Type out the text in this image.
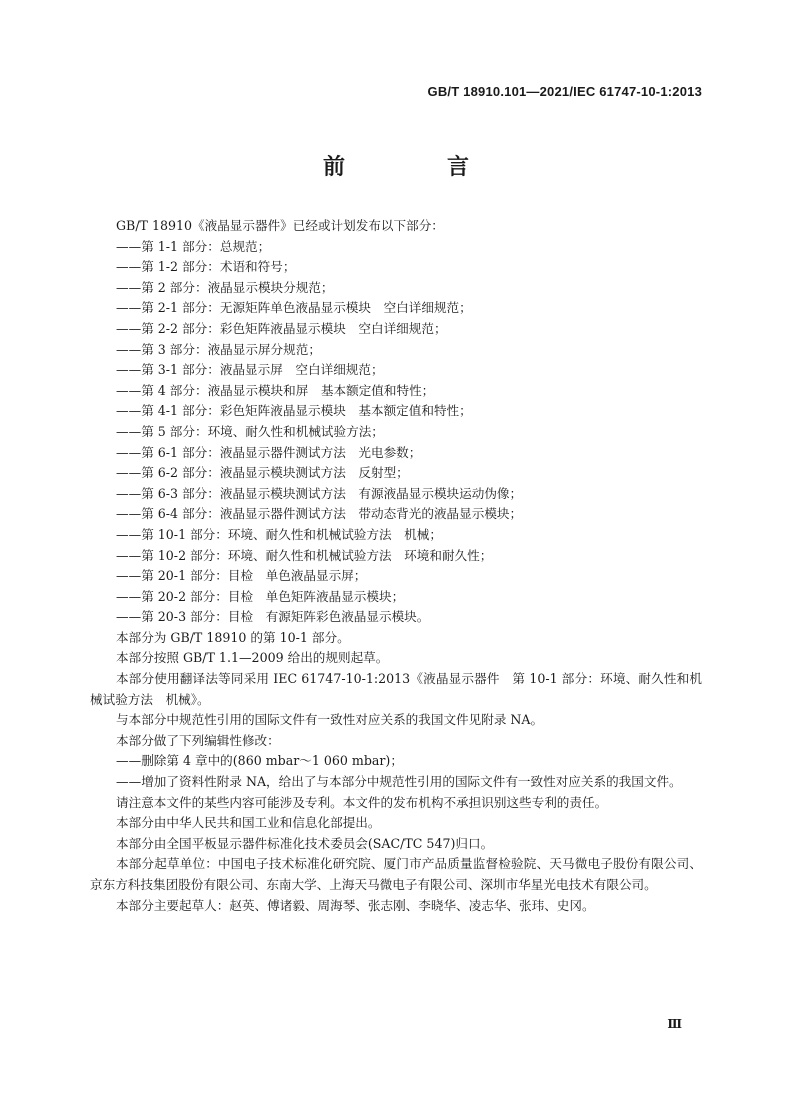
GB/T 18910.101—2021/IEC 61747-10-1:2013
前　言

GB/T 18910《液晶显示器件》已经或计划发布以下部分：

——第 1-1 部分：总规范；

——第 1-2 部分：术语和符号；

——第 2 部分：液晶显示模块分规范；

——第 2-1 部分：无源矩阵单色液晶显示模块　空白详细规范；

——第 2-2 部分：彩色矩阵液晶显示模块　空白详细规范；

——第 3 部分：液晶显示屏分规范；

——第 3-1 部分：液晶显示屏　空白详细规范；

——第 4 部分：液晶显示模块和屏　基本额定值和特性；

——第 4-1 部分：彩色矩阵液晶显示模块　基本额定值和特性；

——第 5 部分：环境、耐久性和机械试验方法；

——第 6-1 部分：液晶显示器件测试方法　光电参数；

——第 6-2 部分：液晶显示模块测试方法　反射型；

——第 6-3 部分：液晶显示模块测试方法　有源液晶显示模块运动伪像；

——第 6-4 部分：液晶显示器件测试方法　带动态背光的液晶显示模块；

——第 10-1 部分：环境、耐久性和机械试验方法　机械；

——第 10-2 部分：环境、耐久性和机械试验方法　环境和耐久性；

——第 20-1 部分：目检　单色液晶显示屏；

——第 20-2 部分：目检　单色矩阵液晶显示模块；

——第 20-3 部分：目检　有源矩阵彩色液晶显示模块。

本部分为 GB/T 18910 的第 10-1 部分。

本部分按照 GB/T 1.1—2009 给出的规则起草。

本部分使用翻译法等同采用 IEC 61747-10-1:2013《液晶显示器件　第 10-1 部分：环境、耐久性和机械试验方法　机械》。

与本部分中规范性引用的国际文件有一致性对应关系的我国文件见附录 NA。

本部分做了下列编辑性修改：

——删除第 4 章中的(860 mbar～1 060 mbar)；

——增加了资料性附录 NA，给出了与本部分中规范性引用的国际文件有一致性对应关系的我国文件。

请注意本文件的某些内容可能涉及专利。本文件的发布机构不承担识别这些专利的责任。

本部分由中华人民共和国工业和信息化部提出。

本部分由全国平板显示器件标准化技术委员会(SAC/TC 547)归口。

本部分起草单位：中国电子技术标准化研究院、厦门市产品质量监督检验院、天马微电子股份有限公司、京东方科技集团股份有限公司、东南大学、上海天马微电子有限公司、深圳市华星光电技术有限公司。

本部分主要起草人：赵英、傅诸毅、周海琴、张志刚、李晓华、凌志华、张玮、史冈。

Ⅲ
